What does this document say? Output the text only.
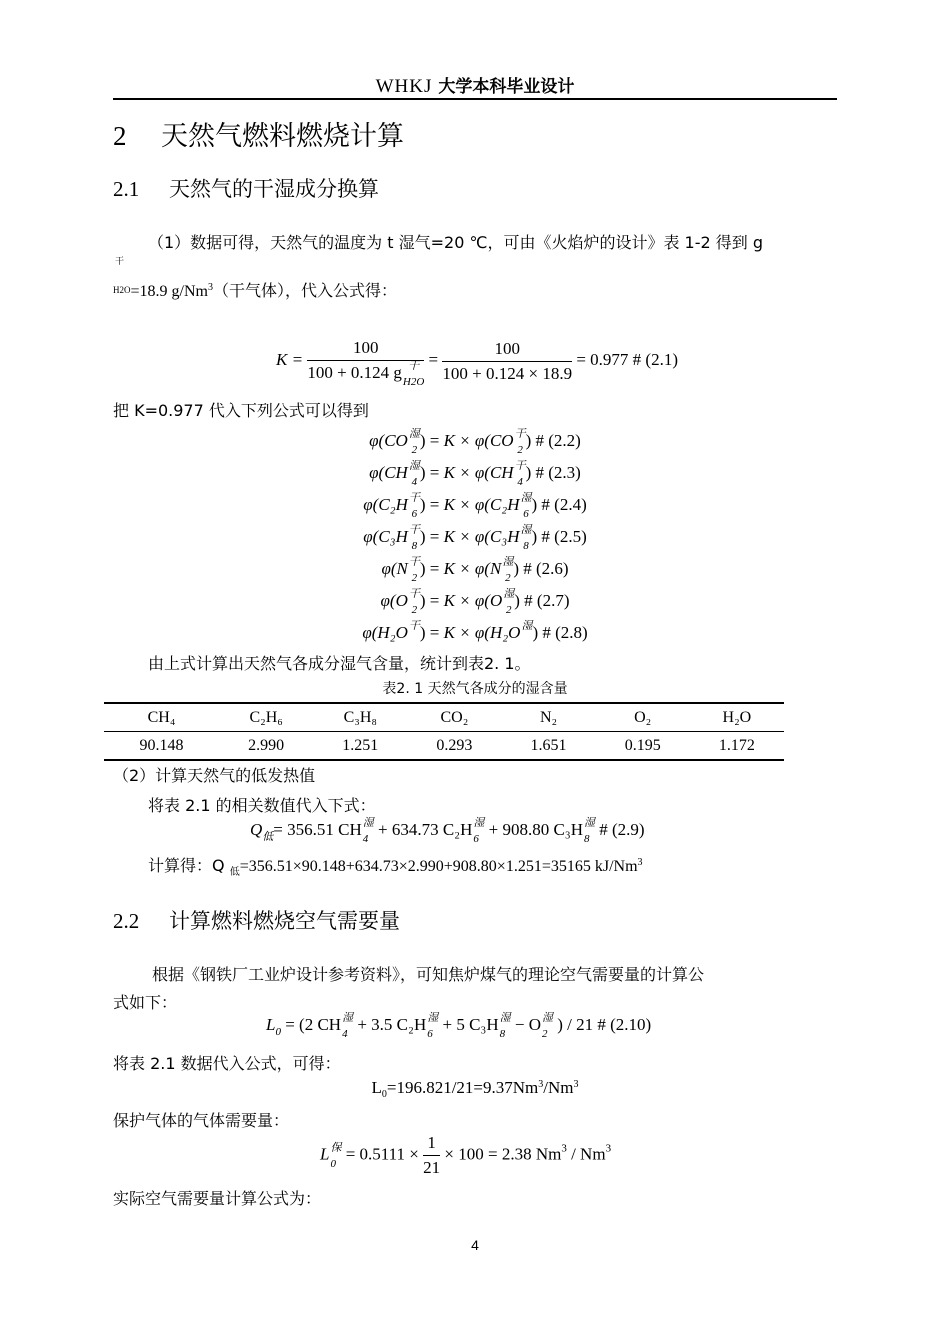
WHKJ 大学本科毕业设计
2 天然气燃料燃烧计算
2.1 天然气的干湿成分换算
（1）数据可得，天然气的温度为 t 湿气=20 ℃，可由《火焰炉的设计》表 1-2 得到 g
干
H2O=18.9 g/Nm$^3$（干气体），代入公式得：
K = 100
100 + 0.124 g 干
$H2O = \frac{100}{100 + 0.124 \times 18.9} = 0.977$ # (2.1)
把 K=0.977 代入下列公式可以得到
φ(CO 湿
2
) = K × φ(CO 干
2
) # (2.2)
φ(CH 湿
4
) = K × φ(CH 干
4
) # (2.3)
φ(C₂H 干
6
) = K × φ(C₂H 湿
6
) # (2.4)
φ(C₃H 干
8
) = K × φ(C₃H 湿
8
) # (2.5)
φ(N 干
2
) = K × φ(N 湿
2
) # (2.6)
φ(O 干
2
) = K × φ(O 湿
2
) # (2.7)
φ(H₂O 干
) = K × φ(H₂O 湿
) # (2.8)
由上式计算出天然气各成分湿气含量，统计到表2. 1。
表2. 1 天然气各成分的湿含量
CH₄	C₂H₆	C₃H₈	CO₂	N₂	O₂	H₂O
90.148	2.990	1.251	0.293	1.651	0.195	1.172
（2）计算天然气的低发热值
将表 2.1 的相关数值代入下式：
$Q_低= 356.51$ CH 湿
4
+ 634.73 C₂H 湿
6
+ 908.80 C₃H 湿
8
# (2.9)
计算得：Q $_低$=356.51×90.148+634.73×2.990+908.80×1.251=35165 kJ/Nm$^3$
2.2 计算燃料燃烧空气需要量
根据《钢铁厂工业炉设计参考资料》，可知焦炉煤气的理论空气需要量的计算公
式如下：
$L_0 = (2$ CH 湿
4
+ 3.5 C₂H 湿
6
+ 5 C₃H 湿
8
− O 湿
2
) / 21 # (2.10)
将表 2.1 数据代入公式，可得：
$L_0=196.821/21=9.37Nm^3/Nm^3$
保护气体的气体需要量：
L 保
0
= $0.5111 \times \frac{1}{21} \times 100 = 2.38$ Nm$^3$ / Nm$^3$
实际空气需要量计算公式为：
4
